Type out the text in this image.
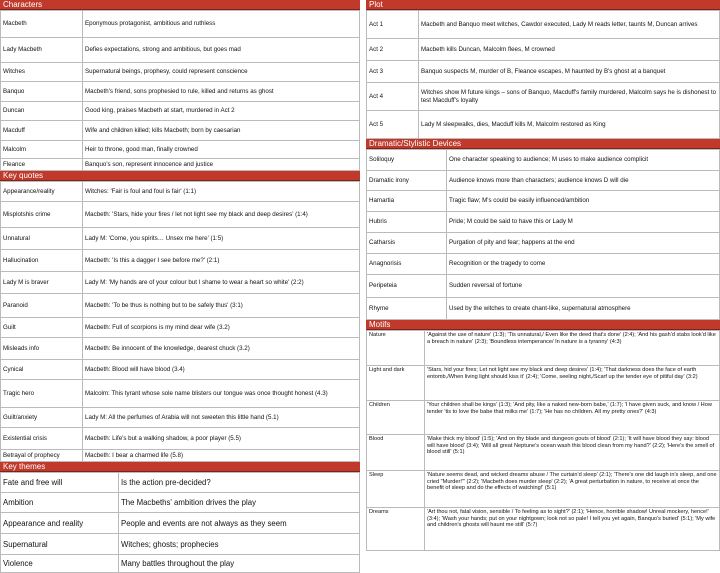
Characters
Macbeth	Eponymous protagonist, ambitious and ruthless
Lady Macbeth	Defies expectations, strong and ambitious, but goes mad
Witches	Supernatural beings, prophesy, could represent conscience
Banquo	Macbeth's friend, sons prophesied to rule, killed and returns as ghost
Duncan	Good king, praises Macbeth at start, murdered in Act 2
Macduff	Wife and children killed; kills Macbeth; born by caesarian
Malcolm	Heir to throne, good man, finally crowned
Fleance	Banquo's son, represent innocence and justice
Key quotes
Appearance/reality	Witches: 'Fair is foul and foul is fair' (1:1)
Misplotshis crime	Macbeth: 'Stars, hide your fires / let not light see my black and deep desires' (1:4)
Unnatural	Lady M: 'Come, you spirits… Unsex me here' (1:5)
Hallucination	Macbeth: 'Is this a dagger I see before me?' (2:1)
Lady M is braver	Lady M: 'My hands are of your colour but I shame to wear a heart so white' (2:2)
Paranoid	Macbeth: 'To be thus is nothing but to be safely thus' (3:1)
Guilt	Macbeth: Full of scorpions is my mind dear wife (3.2)
Misleads info	Macbeth: Be innocent of the knowledge, dearest chuck (3.2)
Cynical	Macbeth: Blood will have blood (3.4)
Tragic hero	Malcolm: This tyrant whose sole name blisters our tongue was once thought honest (4.3)
Guilt/anxiety	Lady M: All the perfumes of Arabia will not sweeten this little hand (5.1)
Existential crisis	Macbeth: Life's but a walking shadow, a poor player (5.5)
Betrayal of prophecy	Macbeth: I bear a charmed life (5.8)
Key themes
Fate and free will	Is the action pre-decided?
Ambition	The Macbeths' ambition drives the play
Appearance and reality	People and events are not always as they seem
Supernatural	Witches; ghosts; prophecies
Violence	Many battles throughout the play
Plot
Act 1	Macbeth and Banquo meet witches, Cawdor executed, Lady M reads letter, taunts M, Duncan arrives
Act 2	Macbeth kills Duncan, Malcolm flees, M crowned
Act 3	Banquo suspects M, murder of B, Fleance escapes, M haunted by B's ghost at a banquet
Act 4	Witches show M future kings – sons of Banquo, Macduff's family murdered, Malcolm says he is dishonest to test Macduff's loyalty
Act 5	Lady M sleepwalks, dies, Macduff kills M, Malcolm restored as King
Dramatic/Stylistic Devices
Soliloquy	One character speaking to audience; M uses to make audience complicit
Dramatic irony	Audience knows more than characters; audience knows D will die
Hamartia	Tragic flaw; M's could be easily influenced/ambition
Hubris	Pride; M could be said to have this or Lady M
Catharsis	Purgation of pity and fear; happens at the end
Anagnorisis	Recognition or the tragedy to come
Peripeteia	Sudden reversal of fortune
Rhyme	Used by the witches to create chant-like, supernatural atmosphere
Motifs
Nature	'Against the use of nature' (1:3); 'Tis unnatural,/ Even like the deed that's done' (2:4); 'And his gash'd stabs look'd like a breach in nature' (2:3); 'Boundless intemperance/ In nature is a tyranny' (4:3)
Light and dark	'Stars, hid your fires; Let not light see my black and deep desires' (1:4); 'That darkness does the face of earth entomb,/When living light should kiss it' (2:4); 'Come, seeling night,/Scarf up the tender eye of pitiful day' (3:2)
Children	'Your children shall be kings' (1:3); 'And pity, like a naked new-born babe,' (1:7); 'I have given suck, and know / How tender 'tis to love the babe that milks me' (1:7); 'He has no children. All my pretty ones?' (4:3)
Blood	'Make thick my blood' (1:5); 'And on thy blade and dungeon gouts of blood' (2:1); 'It will have blood they say: blood will have blood' (3:4); 'Will all great Neptune's ocean wash this blood clean from my hand?' (2:2); 'Here's the smell of blood still' (5:1)
Sleep	'Nature seems dead, and wicked dreams abuse / The curtain'd sleep' (2:1); 'There's one did laugh in's sleep, and one cried "Murder!"' (2:2); 'Macbeth does murder sleep' (2:2); 'A great perturbation in nature, to receive at once the benefit of sleep and do the effects of watching!' (5:1)
Dreams	'Art thou not, fatal vision, sensible / To feeling as to sight?' (2:1); 'Hence, horrible shadow! Unreal mockery, hence!' (3:4); 'Wash your hands; put on your nightgown; look not so pale! I tell you yet again, Banquo's buried' (5:1); 'My wife and children's ghosts will haunt me still' (5:7)
